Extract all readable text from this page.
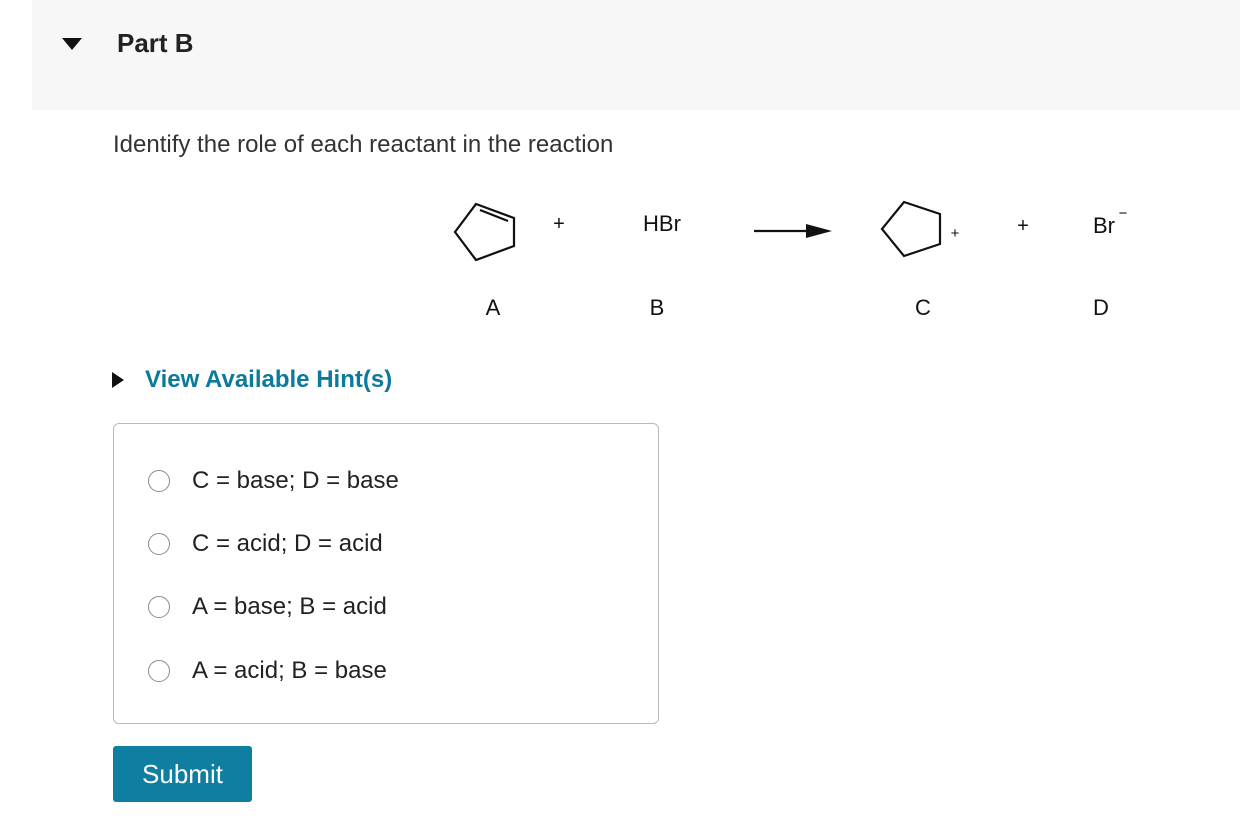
Part B
Identify the role of each reactant in the reaction
+	HBr	+	+	Br −
A	B	C	D
View Available Hint(s)
C = base; D = base
C = acid; D = acid
A = base; B = acid
A = acid; B = base
Submit
